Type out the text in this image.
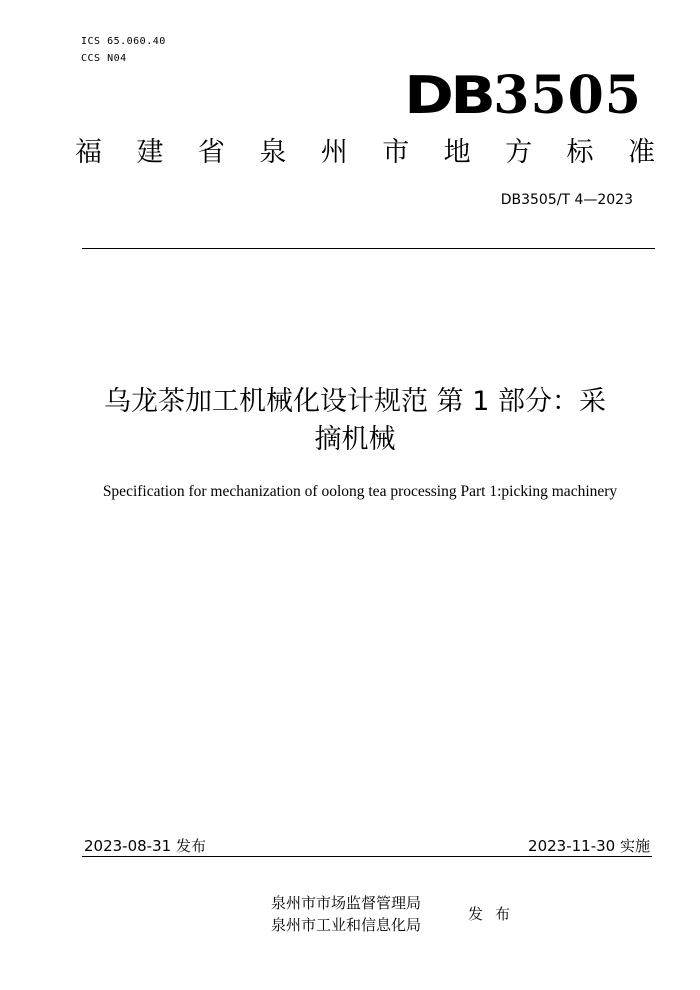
ICS 65.060.40
CCS N04
DB3505
福 建 省 泉 州 市 地 方 标 准
DB3505/T 4—2023
乌龙茶加工机械化设计规范 第 1 部分：采
摘机械
Specification for mechanization of oolong tea processing Part 1:picking machinery
2023-08-31 发布	2023-11-30 实施
泉州市市场监督管理局
泉州市工业和信息化局
发布
